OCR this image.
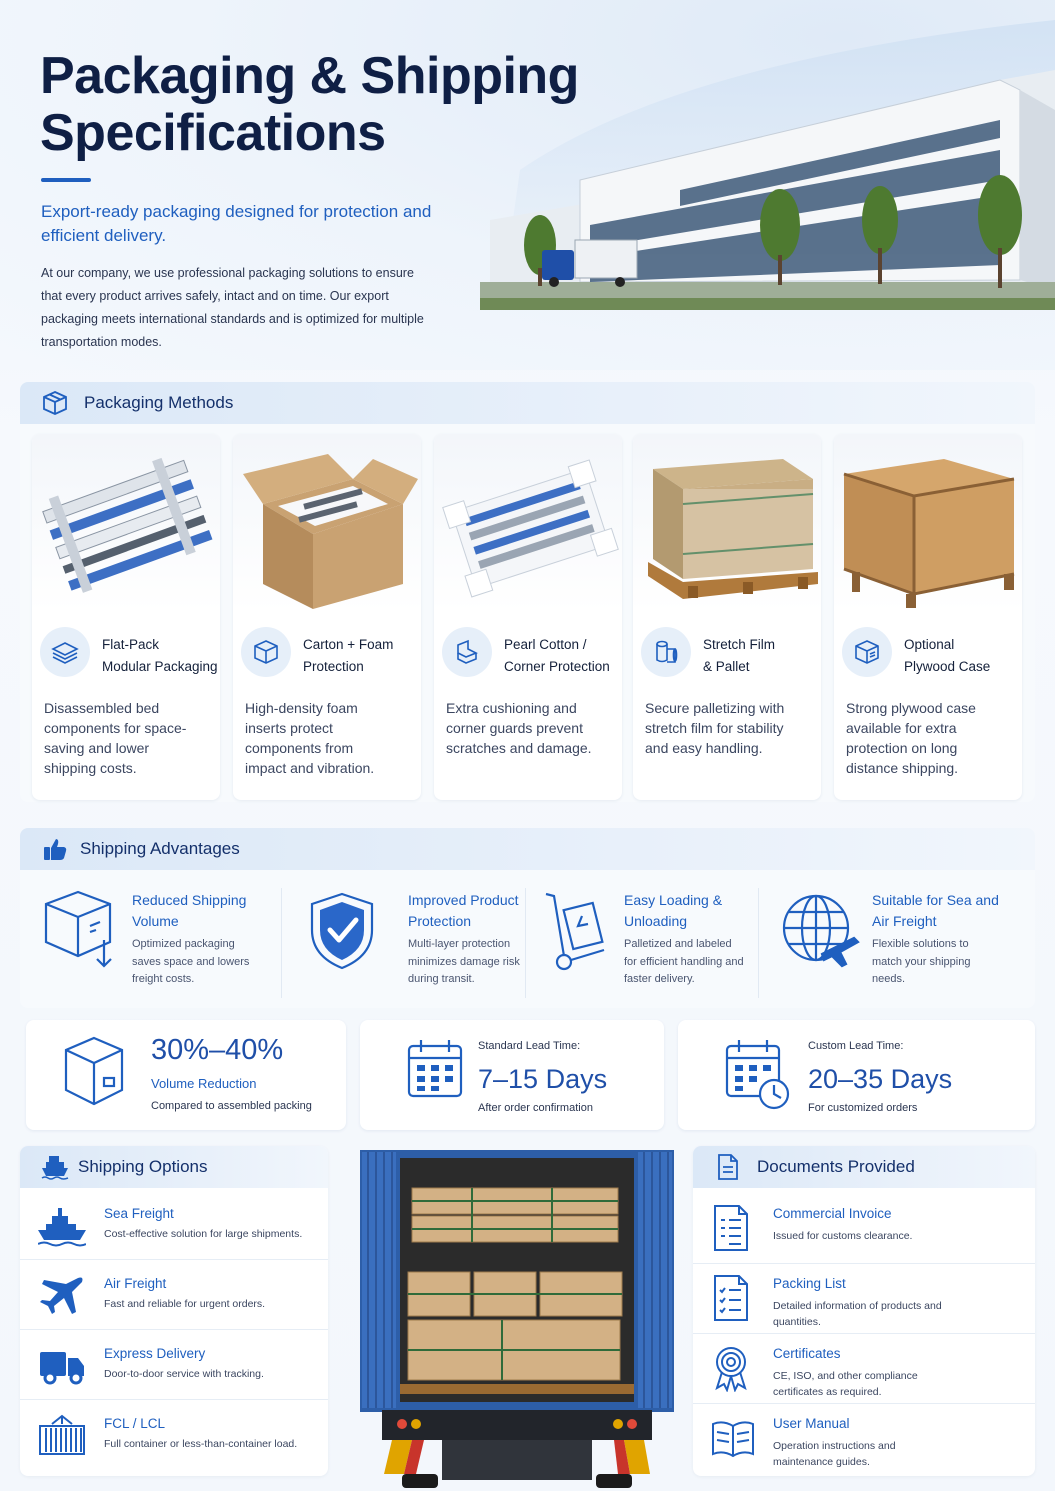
Packaging & Shipping
Specifications
Export-ready packaging designed for protection and efficient delivery.
At our company, we use professional packaging solutions to ensure that every product arrives safely, intact and on time. Our export packaging meets international standards and is optimized for multiple transportation modes.
Packaging Methods
Flat-Pack
Modular Packaging
Disassembled bed components for space-saving and lower shipping costs.
Carton + Foam
Protection
High-density foam inserts protect components from impact and vibration.
Pearl Cotton /
Corner Protection
Extra cushioning and corner guards prevent scratches and damage.
Stretch Film
& Pallet
Secure palletizing with stretch film for stability and easy handling.
Optional
Plywood Case
Strong plywood case available for extra protection on long distance shipping.
Shipping Advantages
Reduced Shipping Volume
Optimized packaging saves space and lowers freight costs.
Improved Product Protection
Multi-layer protection minimizes damage risk during transit.
Easy Loading & Unloading
Palletized and labeled for efficient handling and faster delivery.
Suitable for Sea and Air Freight
Flexible solutions to match your shipping needs.
30%–40%
Volume Reduction
Compared to assembled packing
Standard Lead Time:
7–15 Days
After order confirmation
Custom Lead Time:
20–35 Days
For customized orders
Shipping Options
Sea Freight
Cost-effective solution for large shipments.
Air Freight
Fast and reliable for urgent orders.
Express Delivery
Door-to-door service with tracking.
FCL / LCL
Full container or less-than-container load.
Documents Provided
Commercial Invoice
Issued for customs clearance.
Packing List
Detailed information of products and quantities.
Certificates
CE, ISO, and other compliance certificates as required.
User Manual
Operation instructions and maintenance guides.
